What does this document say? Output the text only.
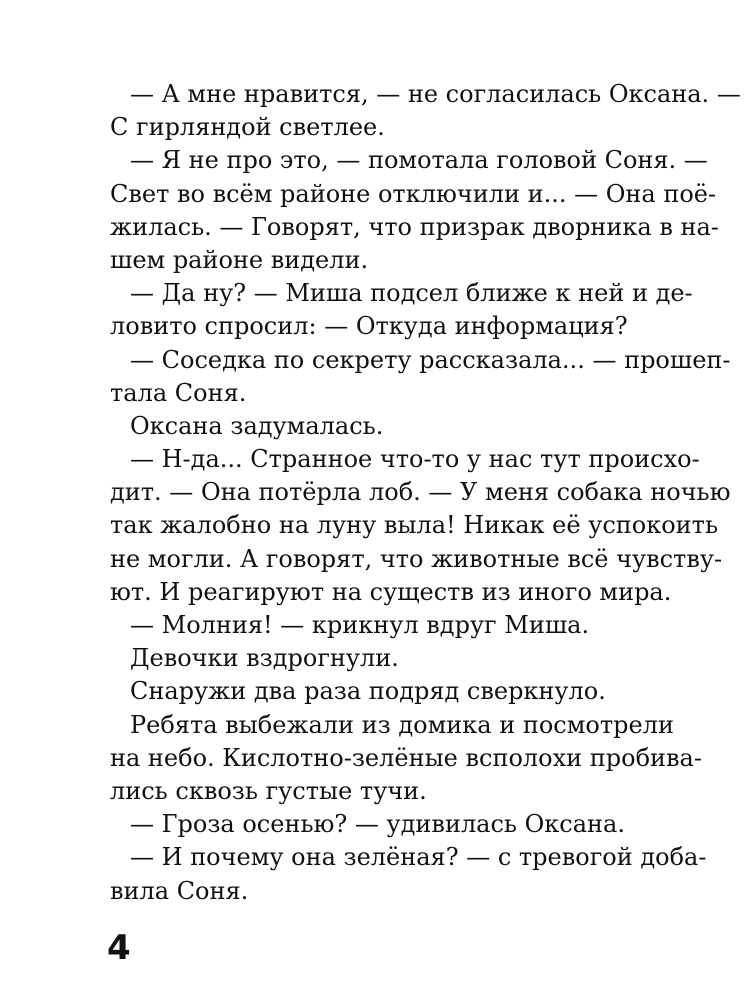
— А мне нравится, — не согласилась Оксана. —
С гирляндой светлее.
— Я не про это, — помотала головой Соня. —
Свет во всём районе отключили и... — Она поё-
жилась. — Говорят, что призрак дворника в на-
шем районе видели.
— Да ну? — Миша подсел ближе к ней и де-
ловито спросил: — Откуда информация?
— Соседка по секрету рассказала... — прошеп-
тала Соня.
Оксана задумалась.
— Н-да... Странное что-то у нас тут происхо-
дит. — Она потёрла лоб. — У меня собака ночью
так жалобно на луну выла! Никак её успокоить
не могли. А говорят, что животные всё чувству-
ют. И реагируют на существ из иного мира.
— Молния! — крикнул вдруг Миша.
Девочки вздрогнули.
Снаружи два раза подряд сверкнуло.
Ребята выбежали из домика и посмотрели
на небо. Кислотно-зелёные всполохи пробива-
лись сквозь густые тучи.
— Гроза осенью? — удивилась Оксана.
— И почему она зелёная? — с тревогой доба-
вила Соня.
4
